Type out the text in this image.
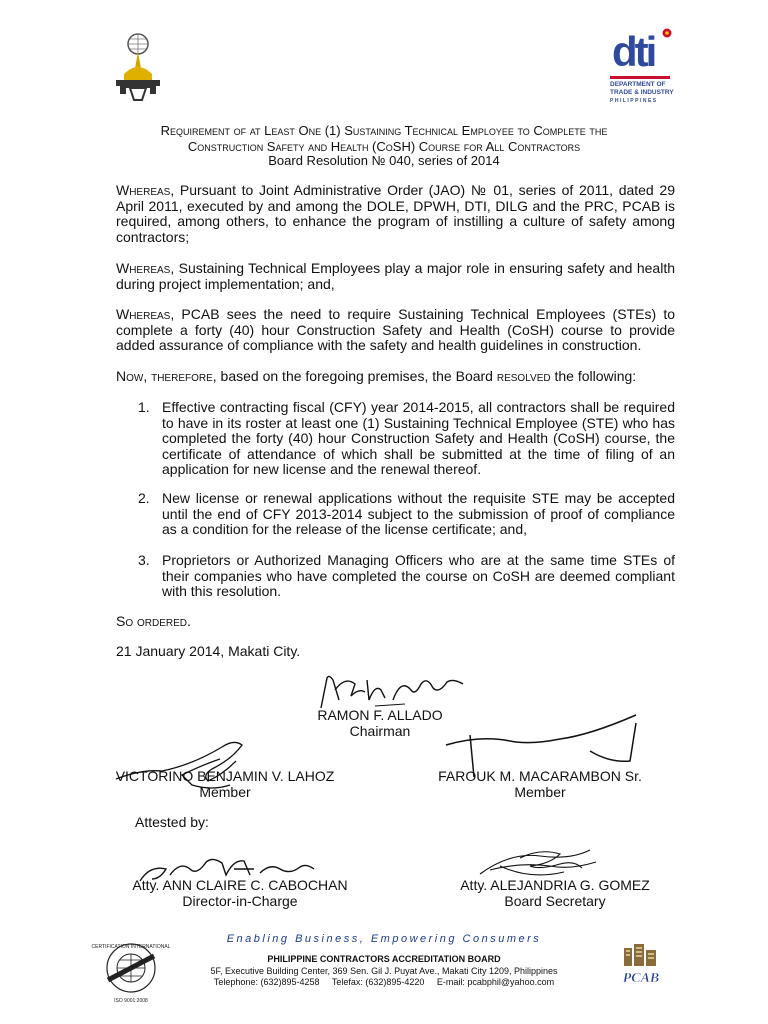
dti
DEPARTMENT OF
TRADE & INDUSTRY
PHILIPPINES
Requirement of at Least One (1) Sustaining Technical Employee to Complete the
Construction Safety and Health (CoSH) Course for All Contractors
Board Resolution № 040, series of 2014
Whereas, Pursuant to Joint Administrative Order (JAO) № 01, series of 2011, dated 29 April 2011, executed by and among the DOLE, DPWH, DTI, DILG and the PRC, PCAB is required, among others, to enhance the program of instilling a culture of safety among contractors;
Whereas, Sustaining Technical Employees play a major role in ensuring safety and health during project implementation; and,
Whereas, PCAB sees the need to require Sustaining Technical Employees (STEs) to complete a forty (40) hour Construction Safety and Health (CoSH) course to provide added assurance of compliance with the safety and health guidelines in construction.
Now, therefore, based on the foregoing premises, the Board resolved the following:
1. Effective contracting fiscal (CFY) year 2014-2015, all contractors shall be required to have in its roster at least one (1) Sustaining Technical Employee (STE) who has completed the forty (40) hour Construction Safety and Health (CoSH) course, the certificate of attendance of which shall be submitted at the time of filing of an application for new license and the renewal thereof.
2. New license or renewal applications without the requisite STE may be accepted until the end of CFY 2013-2014 subject to the submission of proof of compliance as a condition for the release of the license certificate; and,
3. Proprietors or Authorized Managing Officers who are at the same time STEs of their companies who have completed the course on CoSH are deemed compliant with this resolution.
So ordered.
21 January 2014, Makati City.
RAMON F. ALLADO
Chairman
VICTORINO BENJAMIN V. LAHOZ
Member
FAROUK M. MACARAMBON Sr.
Member
Attested by:
Atty. ANN CLAIRE C. CABOCHAN
Director-in-Charge
Atty. ALEJANDRIA G. GOMEZ
Board Secretary
Enabling Business, Empowering Consumers
CERTIFICATION INTERNATIONAL
ISO 9001:2008
PHILIPPINE CONTRACTORS ACCREDITATION BOARD
5F, Executive Building Center, 369 Sen. Gil J. Puyat Ave., Makati City 1209, Philippines
Telephone: (632)895-4258     Telefax: (632)895-4220     E-mail: pcabphil@yahoo.com	PCAB
